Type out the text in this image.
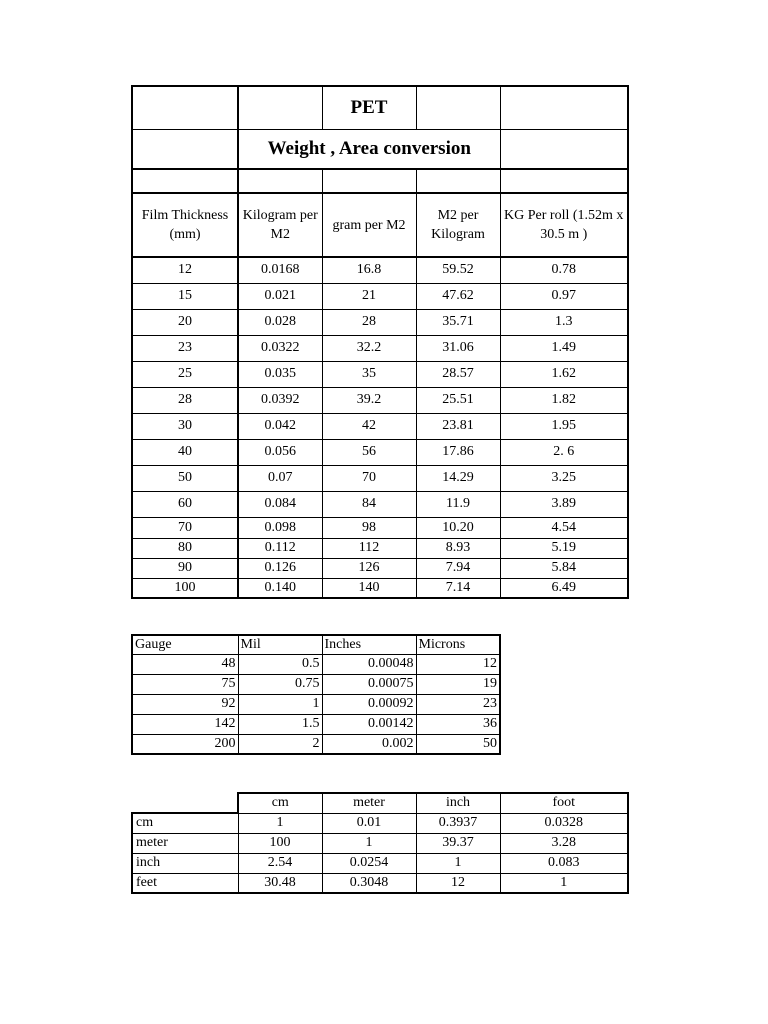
		PET		
	Weight , Area conversion			

Film Thickness (mm)	Kilogram per M2	gram per M2	M2 per Kilogram	KG Per roll (1.52m x 30.5 m )
12	0.0168	16.8	59.52	0.78
15	0.021	21	47.62	0.97
20	0.028	28	35.71	1.3
23	0.0322	32.2	31.06	1.49
25	0.035	35	28.57	1.62
28	0.0392	39.2	25.51	1.82
30	0.042	42	23.81	1.95
40	0.056	56	17.86	2. 6
50	0.07	70	14.29	3.25
60	0.084	84	11.9	3.89
70	0.098	98	10.20	4.54
80	0.112	112	8.93	5.19
90	0.126	126	7.94	5.84
100	0.140	140	7.14	6.49
Gauge	Mil	Inches	Microns
48	0.5	0.00048	12
75	0.75	0.00075	19
92	1	0.00092	23
142	1.5	0.00142	36
200	2	0.002	50
	cm	meter	inch	foot
cm	1	0.01	0.3937	0.0328
meter	100	1	39.37	3.28
inch	2.54	0.0254	1	0.083
feet	30.48	0.3048	12	1
